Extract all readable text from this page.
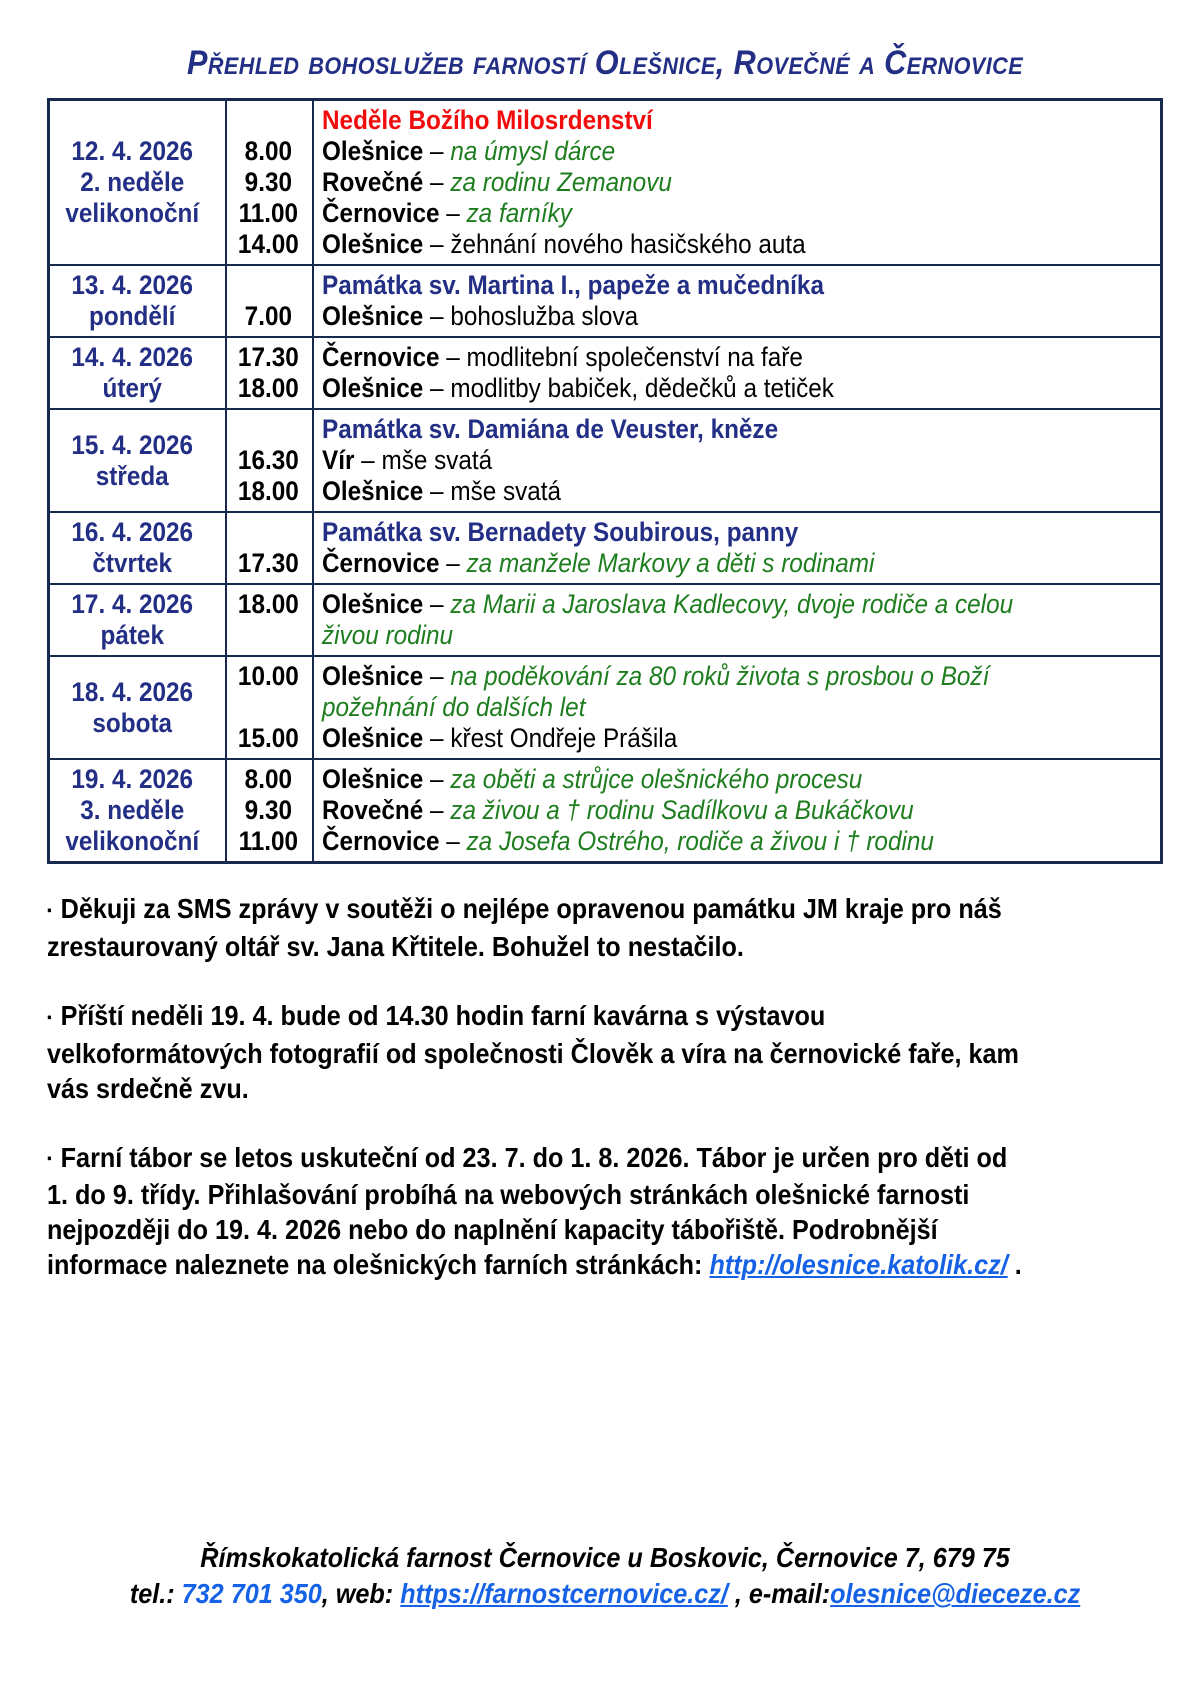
Přehled bohoslužeb farností Olešnice, Rovečné a Černovice
12. 4. 2026
2. neděle
velikonoční
Neděle Božího Milosrdenství
8.00	Olešnice – na úmysl dárce
9.30	Rovečné – za rodinu Zemanovu
11.00 Černovice – za farníky
14.00 Olešnice – žehnání nového hasičského auta
13. 4. 2026
pondělí
Památka sv. Martina I., papeže a mučedníka
7.00	Olešnice – bohoslužba slova
14. 4. 2026
úterý
17.30 Černovice – modlitební společenství na faře
18.00 Olešnice – modlitby babiček, dědečků a tetiček
15. 4. 2026
středa
Památka sv. Damiána de Veuster, kněze
16.30 Vír – mše svatá
18.00 Olešnice – mše svatá
16. 4. 2026
čtvrtek
Památka sv. Bernadety Soubirous, panny
17.30 Černovice – za manžele Markovy a děti s rodinami
17. 4. 2026
pátek
18.00 Olešnice – za Marii a Jaroslava Kadlecovy, dvoje rodiče a celou
živou rodinu
18. 4. 2026
sobota
10.00 Olešnice – na poděkování za 80 roků života s prosbou o Boží
požehnání do dalších let
15.00 Olešnice – křest Ondřeje Prášila
19. 4. 2026
3. neděle
velikonoční
8.00	Olešnice – za oběti a strůjce olešnického procesu
9.30	Rovečné – za živou a † rodinu Sadílkovu a Bukáčkovu
11.00 Černovice – za Josefa Ostrého, rodiče a živou i † rodinu
▪ Děkuji za SMS zprávy v soutěži o nejlépe opravenou památku JM kraje pro náš
zrestaurovaný oltář sv. Jana Křtitele. Bohužel to nestačilo.
▪ Příští neděli 19. 4. bude od 14.30 hodin farní kavárna s výstavou
velkoformátových fotografií od společnosti Člověk a víra na černovické faře, kam
vás srdečně zvu.
▪ Farní tábor se letos uskuteční od 23. 7. do 1. 8. 2026. Tábor je určen pro děti od
1. do 9. třídy. Přihlašování probíhá na webových stránkách olešnické farnosti
nejpozději do 19. 4. 2026 nebo do naplnění kapacity tábořiště. Podrobnější
informace naleznete na olešnických farních stránkách: http://olesnice.katolik.cz/ .
Římskokatolická farnost Černovice u Boskovic, Černovice 7, 679 75
tel.: 732 701 350, web: https://farnostcernovice.cz/ , e-mail:olesnice@dieceze.cz
